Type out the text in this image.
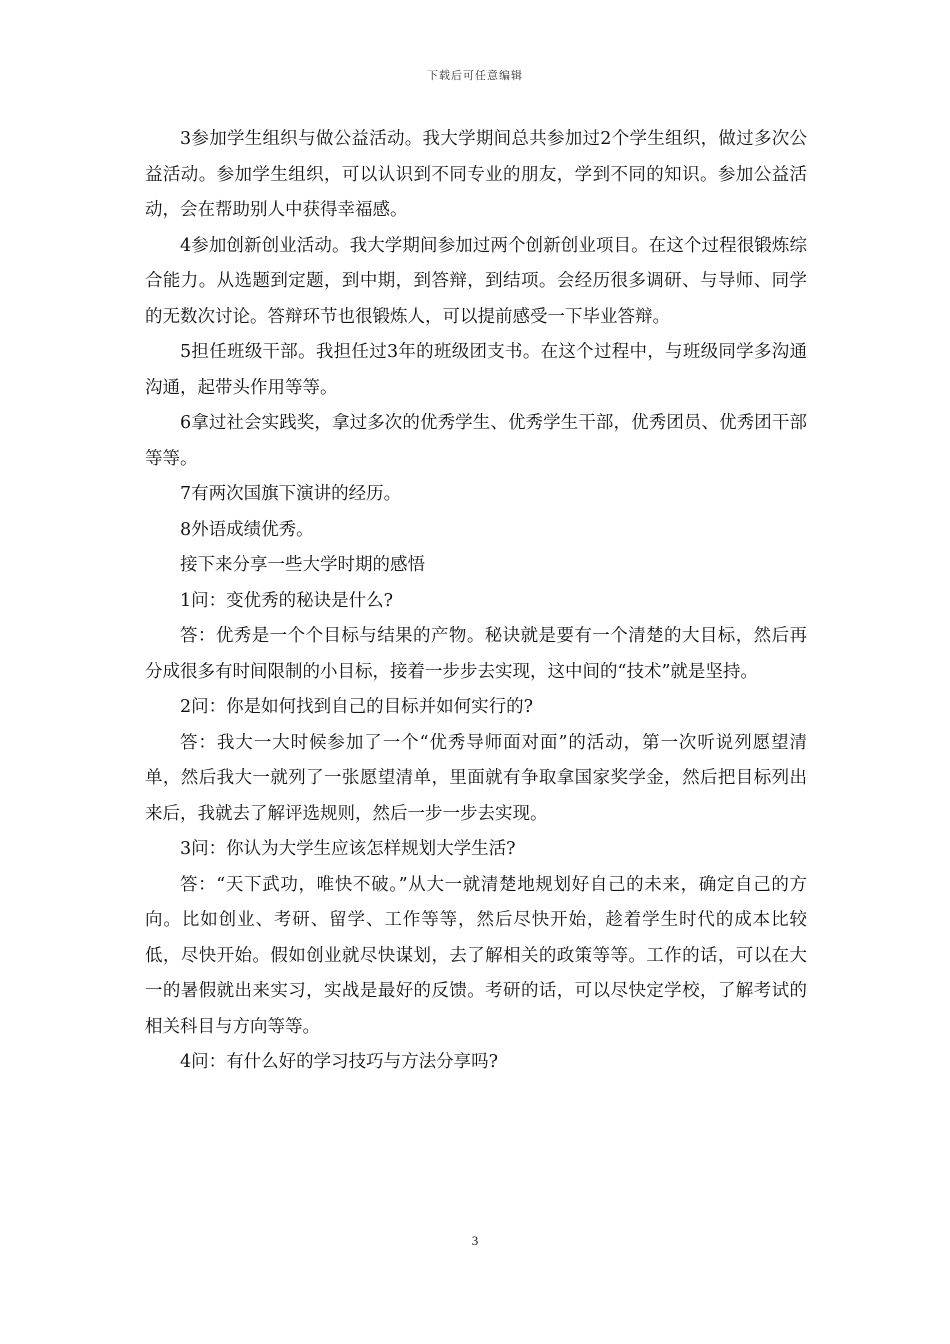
下载后可任意编辑

3参加学生组织与做公益活动。我大学期间总共参加过2个学生组织，做过多次公益活动。参加学生组织，可以认识到不同专业的朋友，学到不同的知识。参加公益活动，会在帮助别人中获得幸福感。

4参加创新创业活动。我大学期间参加过两个创新创业项目。在这个过程很锻炼综合能力。从选题到定题，到中期，到答辩，到结项。会经历很多调研、与导师、同学的无数次讨论。答辩环节也很锻炼人，可以提前感受一下毕业答辩。

5担任班级干部。我担任过3年的班级团支书。在这个过程中，与班级同学多沟通沟通，起带头作用等等。

6拿过社会实践奖，拿过多次的优秀学生、优秀学生干部，优秀团员、优秀团干部等等。

7有两次国旗下演讲的经历。

8外语成绩优秀。

接下来分享一些大学时期的感悟

1问：变优秀的秘诀是什么?

答：优秀是一个个目标与结果的产物。秘诀就是要有一个清楚的大目标，然后再分成很多有时间限制的小目标，接着一步步去实现，这中间的“技术”就是坚持。

2问：你是如何找到自己的目标并如何实行的?

答：我大一大时候参加了一个“优秀导师面对面”的活动，第一次听说列愿望清单，然后我大一就列了一张愿望清单，里面就有争取拿国家奖学金，然后把目标列出来后，我就去了解评选规则，然后一步一步去实现。

3问：你认为大学生应该怎样规划大学生活?

答：“天下武功，唯快不破。”从大一就清楚地规划好自己的未来，确定自己的方向。比如创业、考研、留学、工作等等，然后尽快开始，趁着学生时代的成本比较低，尽快开始。假如创业就尽快谋划，去了解相关的政策等等。工作的话，可以在大一的暑假就出来实习，实战是最好的反馈。考研的话，可以尽快定学校，了解考试的相关科目与方向等等。

4问：有什么好的学习技巧与方法分享吗?

3
